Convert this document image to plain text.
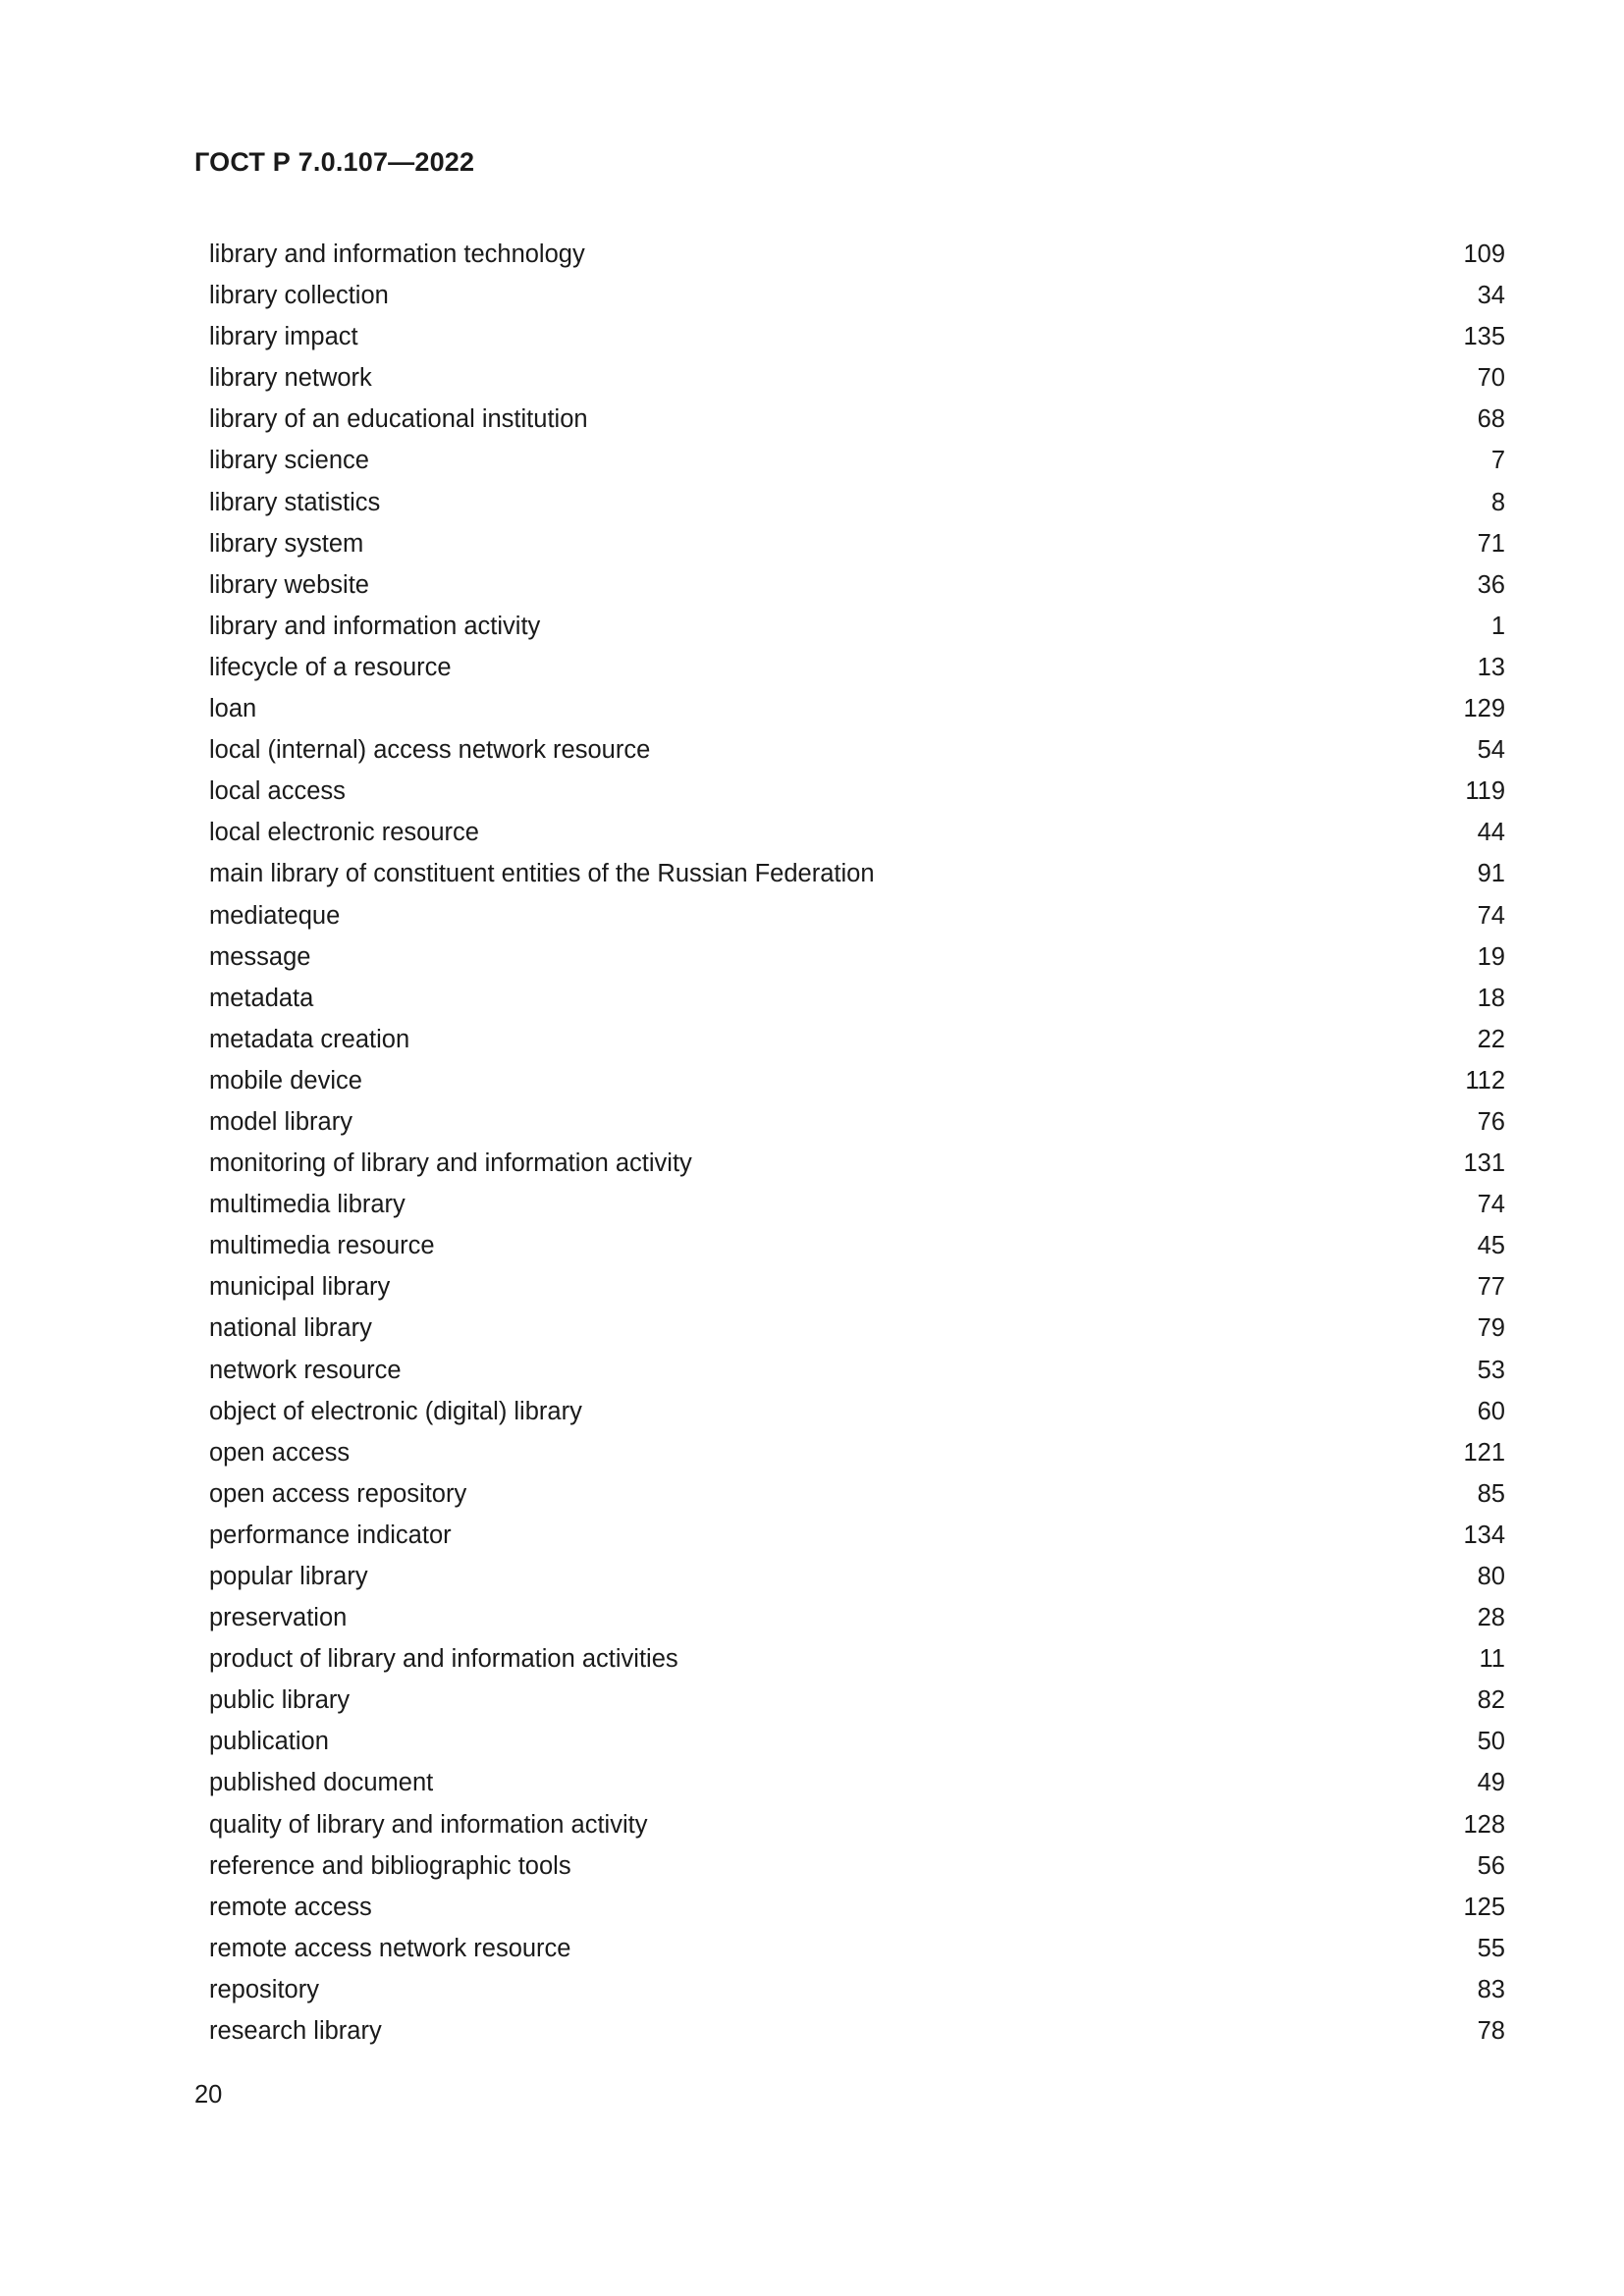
ГОСТ Р 7.0.107—2022
library and information technology	109
library collection	34
library impact	135
library network	70
library of an educational institution	68
library science	7
library statistics	8
library system	71
library website	36
library and information activity	1
lifecycle of a resource	13
loan	129
local (internal) access network resource	54
local access	119
local electronic resource	44
main library of constituent entities of the Russian Federation	91
mediateque	74
message	19
metadata	18
metadata creation	22
mobile device	112
model library	76
monitoring of library and information activity	131
multimedia library	74
multimedia resource	45
municipal library	77
national library	79
network resource	53
object of electronic (digital) library	60
open access	121
open access repository	85
performance indicator	134
popular library	80
preservation	28
product of library and information activities	11
public library	82
publication	50
published document	49
quality of library and information activity	128
reference and bibliographic tools	56
remote access	125
remote access network resource	55
repository	83
research library	78
20
